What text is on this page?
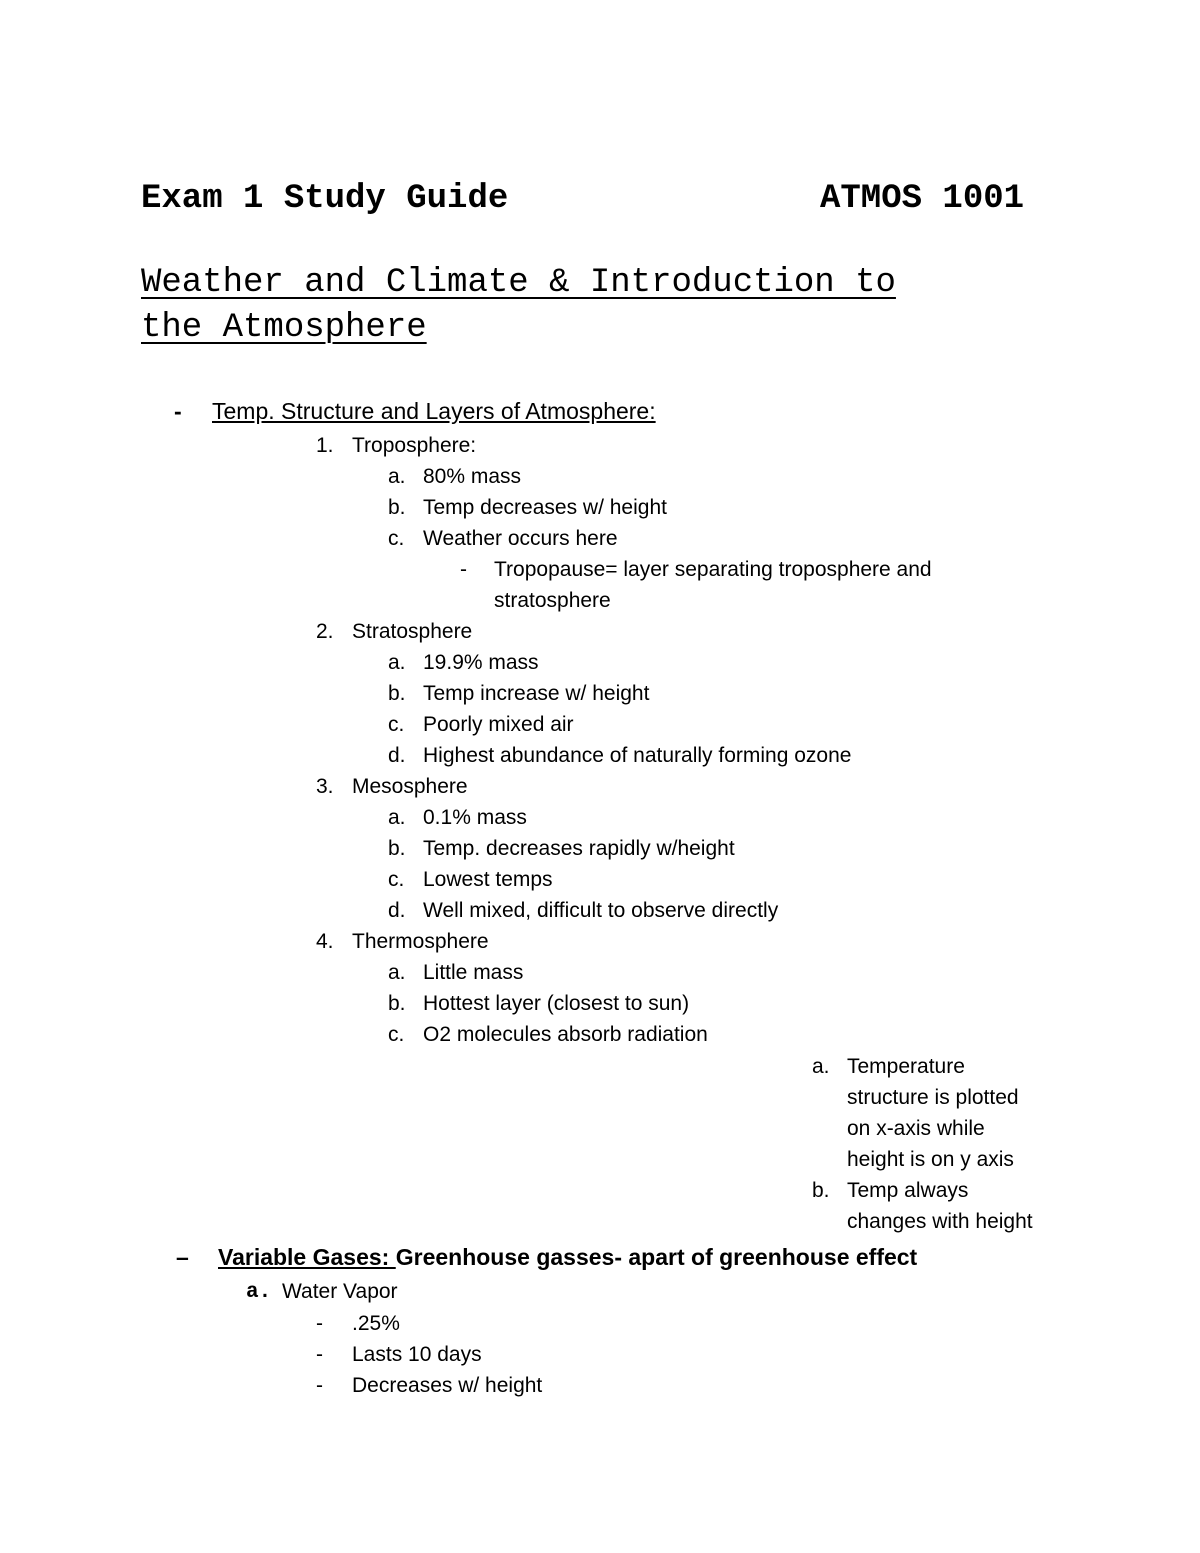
Exam 1 Study Guide	ATMOS 1001
Weather and Climate & Introduction to
the Atmosphere
- Temp. Structure and Layers of Atmosphere:
1. Troposphere:
a. 80% mass
b. Temp decreases w/ height
c. Weather occurs here
- Tropopause= layer separating troposphere and
stratosphere
2. Stratosphere
a. 19.9% mass
b. Temp increase w/ height
c. Poorly mixed air
d. Highest abundance of naturally forming ozone
3. Mesosphere
a. 0.1% mass
b. Temp. decreases rapidly w/height
c. Lowest temps
d. Well mixed, difficult to observe directly
4. Thermosphere
a. Little mass
b. Hottest layer (closest to sun)
c. O2 molecules absorb radiation
a. Temperature
structure is plotted
on x-axis while
height is on y axis
b. Temp always
changes with height
– Variable Gases: Greenhouse gasses- apart of greenhouse effect
a. Water Vapor
- .25%
- Lasts 10 days
- Decreases w/ height
